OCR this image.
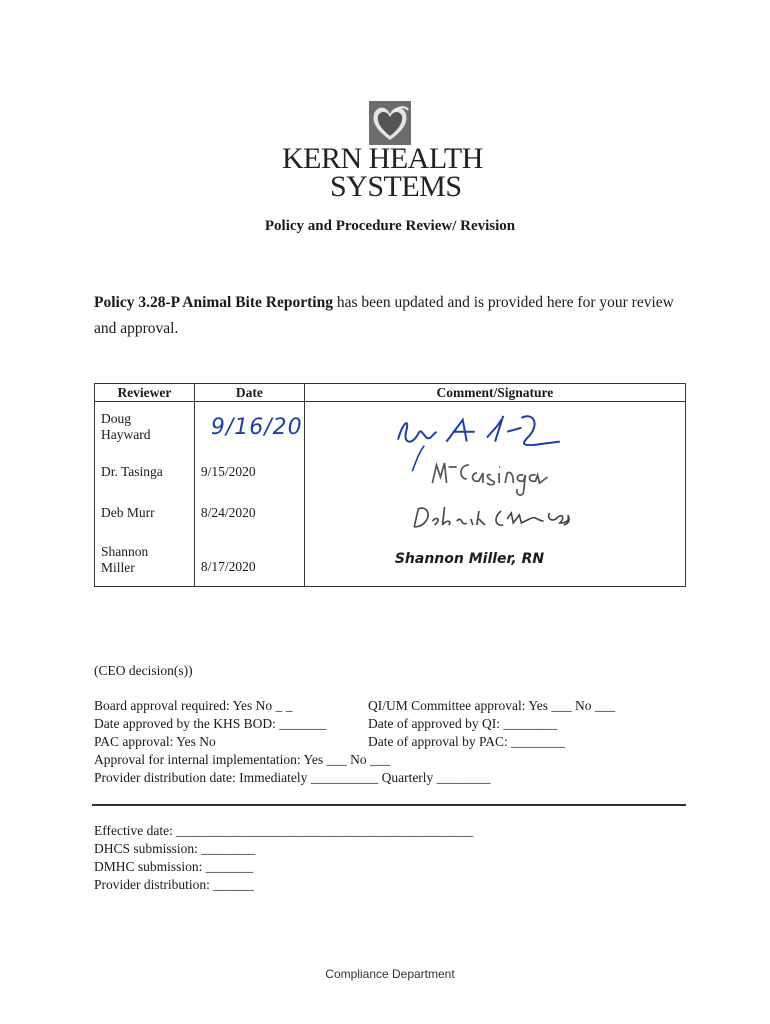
KERN HEALTH
SYSTEMS
Policy and Procedure Review/ Revision
Policy 3.28-P Animal Bite Reporting has been updated and is provided here for your review and approval.
Reviewer	Date	Comment/Signature
Doug
Hayward	9/16/20	

Dr. Tasinga	9/15/2020	

Deb Murr	8/24/2020	

Shannon
Miller	8/17/2020	Shannon Miller, RN
(CEO decision(s))
Board approval required: Yes No _ _
Date approved by the KHS BOD: _______
PAC approval: Yes No
Approval for internal implementation: Yes ___ No ___
Provider distribution date: Immediately __________ Quarterly ________
QI/UM Committee approval: Yes ___ No ___
Date of approved by QI: ________
Date of approval by PAC: ________
Effective date: ____________________________________________
DHCS submission: ________
DMHC submission: _______
Provider distribution: ______
Compliance Department
